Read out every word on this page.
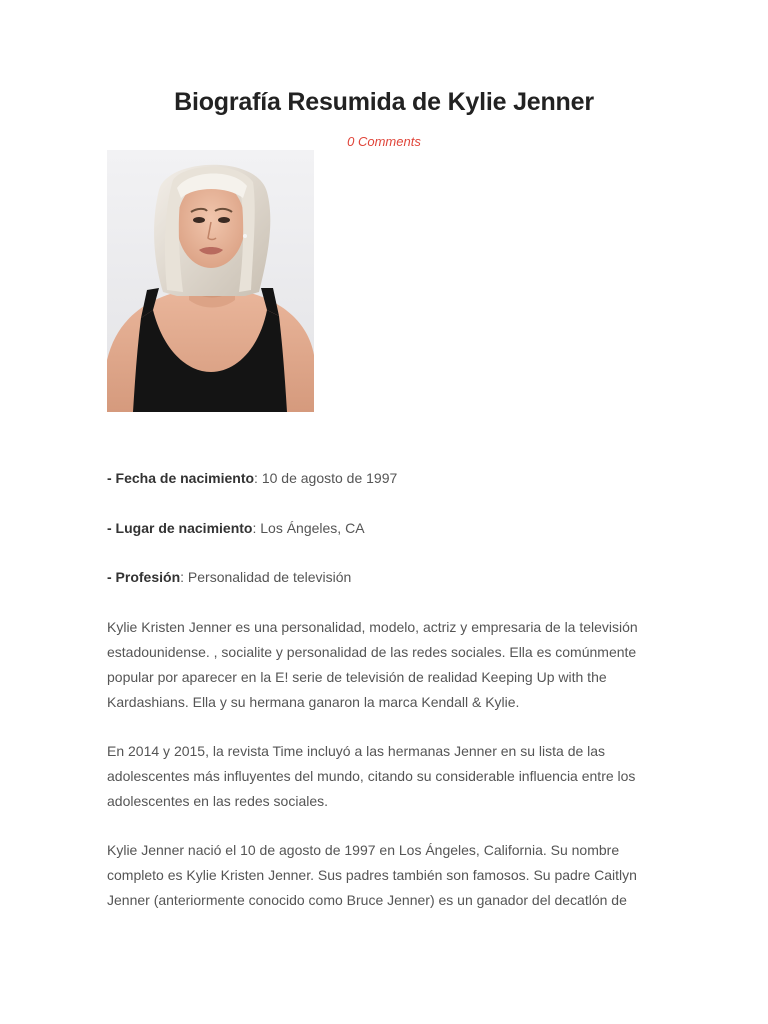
Biografía Resumida de Kylie Jenner
0 Comments

- Fecha de nacimiento: 10 de agosto de 1997

- Lugar de nacimiento: Los Ángeles, CA

- Profesión: Personalidad de televisión

Kylie Kristen Jenner es una personalidad, modelo, actriz y empresaria de la televisión estadounidense. , socialite y personalidad de las redes sociales. Ella es comúnmente popular por aparecer en la E! serie de televisión de realidad Keeping Up with the Kardashians. Ella y su hermana ganaron la marca Kendall & Kylie.

En 2014 y 2015, la revista Time incluyó a las hermanas Jenner en su lista de las adolescentes más influyentes del mundo, citando su considerable influencia entre los adolescentes en las redes sociales.

Kylie Jenner nació el 10 de agosto de 1997 en Los Ángeles, California. Su nombre completo es Kylie Kristen Jenner. Sus padres también son famosos. Su padre Caitlyn Jenner (anteriormente conocido como Bruce Jenner) es un ganador del decatlón de
